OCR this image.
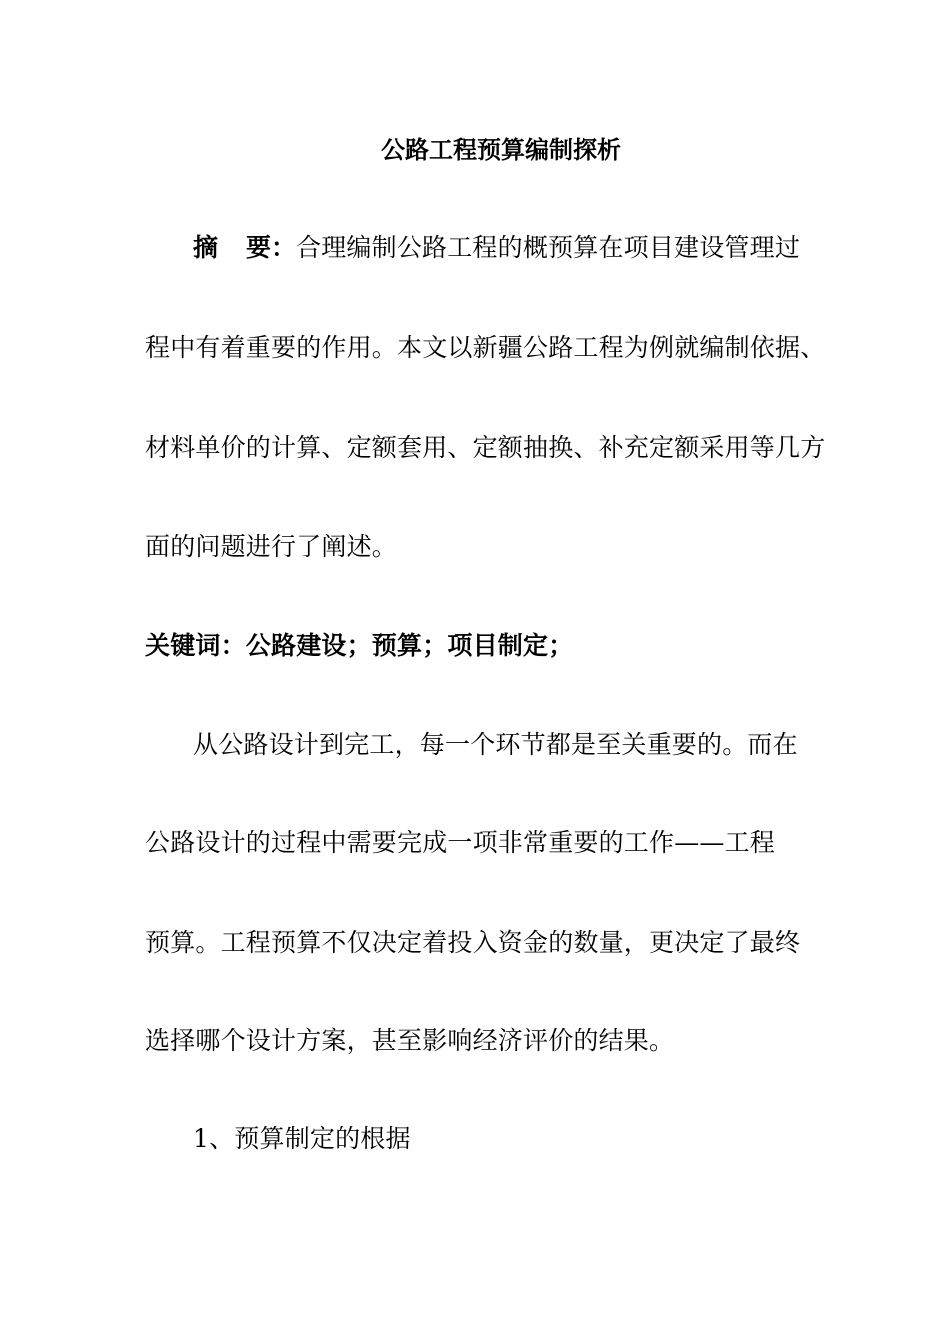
公路工程预算编制探析
摘 要：合理编制公路工程的概预算在项目建设管理过
程中有着重要的作用。本文以新疆公路工程为例就编制依据、
材料单价的计算、定额套用、定额抽换、补充定额采用等几方
面的问题进行了阐述。
关键词：公路建设；预算；项目制定；
从公路设计到完工，每一个环节都是至关重要的。而在
公路设计的过程中需要完成一项非常重要的工作——工程
预算。工程预算不仅决定着投入资金的数量，更决定了最终
选择哪个设计方案，甚至影响经济评价的结果。
1、预算制定的根据
